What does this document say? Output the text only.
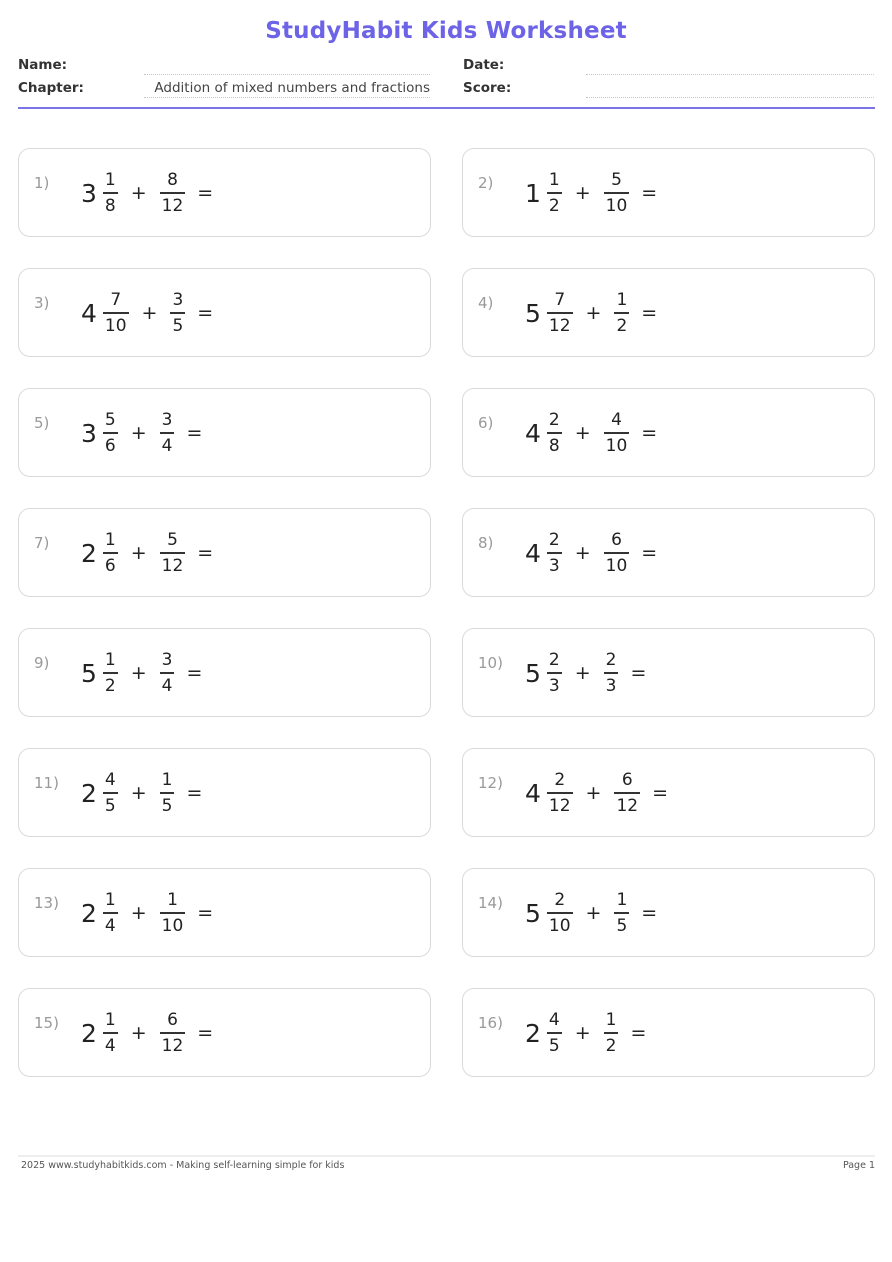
StudyHabit Kids Worksheet
Name:	Date:
Chapter:	Addition of mixed numbers and fractions Score:
1) $3 \frac{1}{8} + \frac{8}{12}$ =	2) $1 \frac{1}{2} + \frac{5}{10}$ =
3) $4 \frac{7}{10} + \frac{3}{5}$ =	4) $5 \frac{7}{12} + \frac{1}{2}$ =
5) $3 \frac{5}{6} + \frac{3}{4}$ =	6) $4 \frac{2}{8} + \frac{4}{10}$ =
7) $2 \frac{1}{6} + \frac{5}{12}$ =	8) $4 \frac{2}{3} + \frac{6}{10}$ =
9) $5 \frac{1}{2} + \frac{3}{4}$ =	10) $5 \frac{2}{3} + \frac{2}{3}$ =
11) $2 \frac{4}{5} + \frac{1}{5}$ =	12) $4 \frac{2}{12} + \frac{6}{12}$ =
13) $2 \frac{1}{4} + \frac{1}{10}$ =	14) $5 \frac{2}{10} + \frac{1}{5}$ =
15) $2 \frac{1}{4} + \frac{6}{12}$ =	16) $2 \frac{4}{5} + \frac{1}{2}$ =
2025 www.studyhabitkids.com - Making self-learning simple for kids	Page 1
